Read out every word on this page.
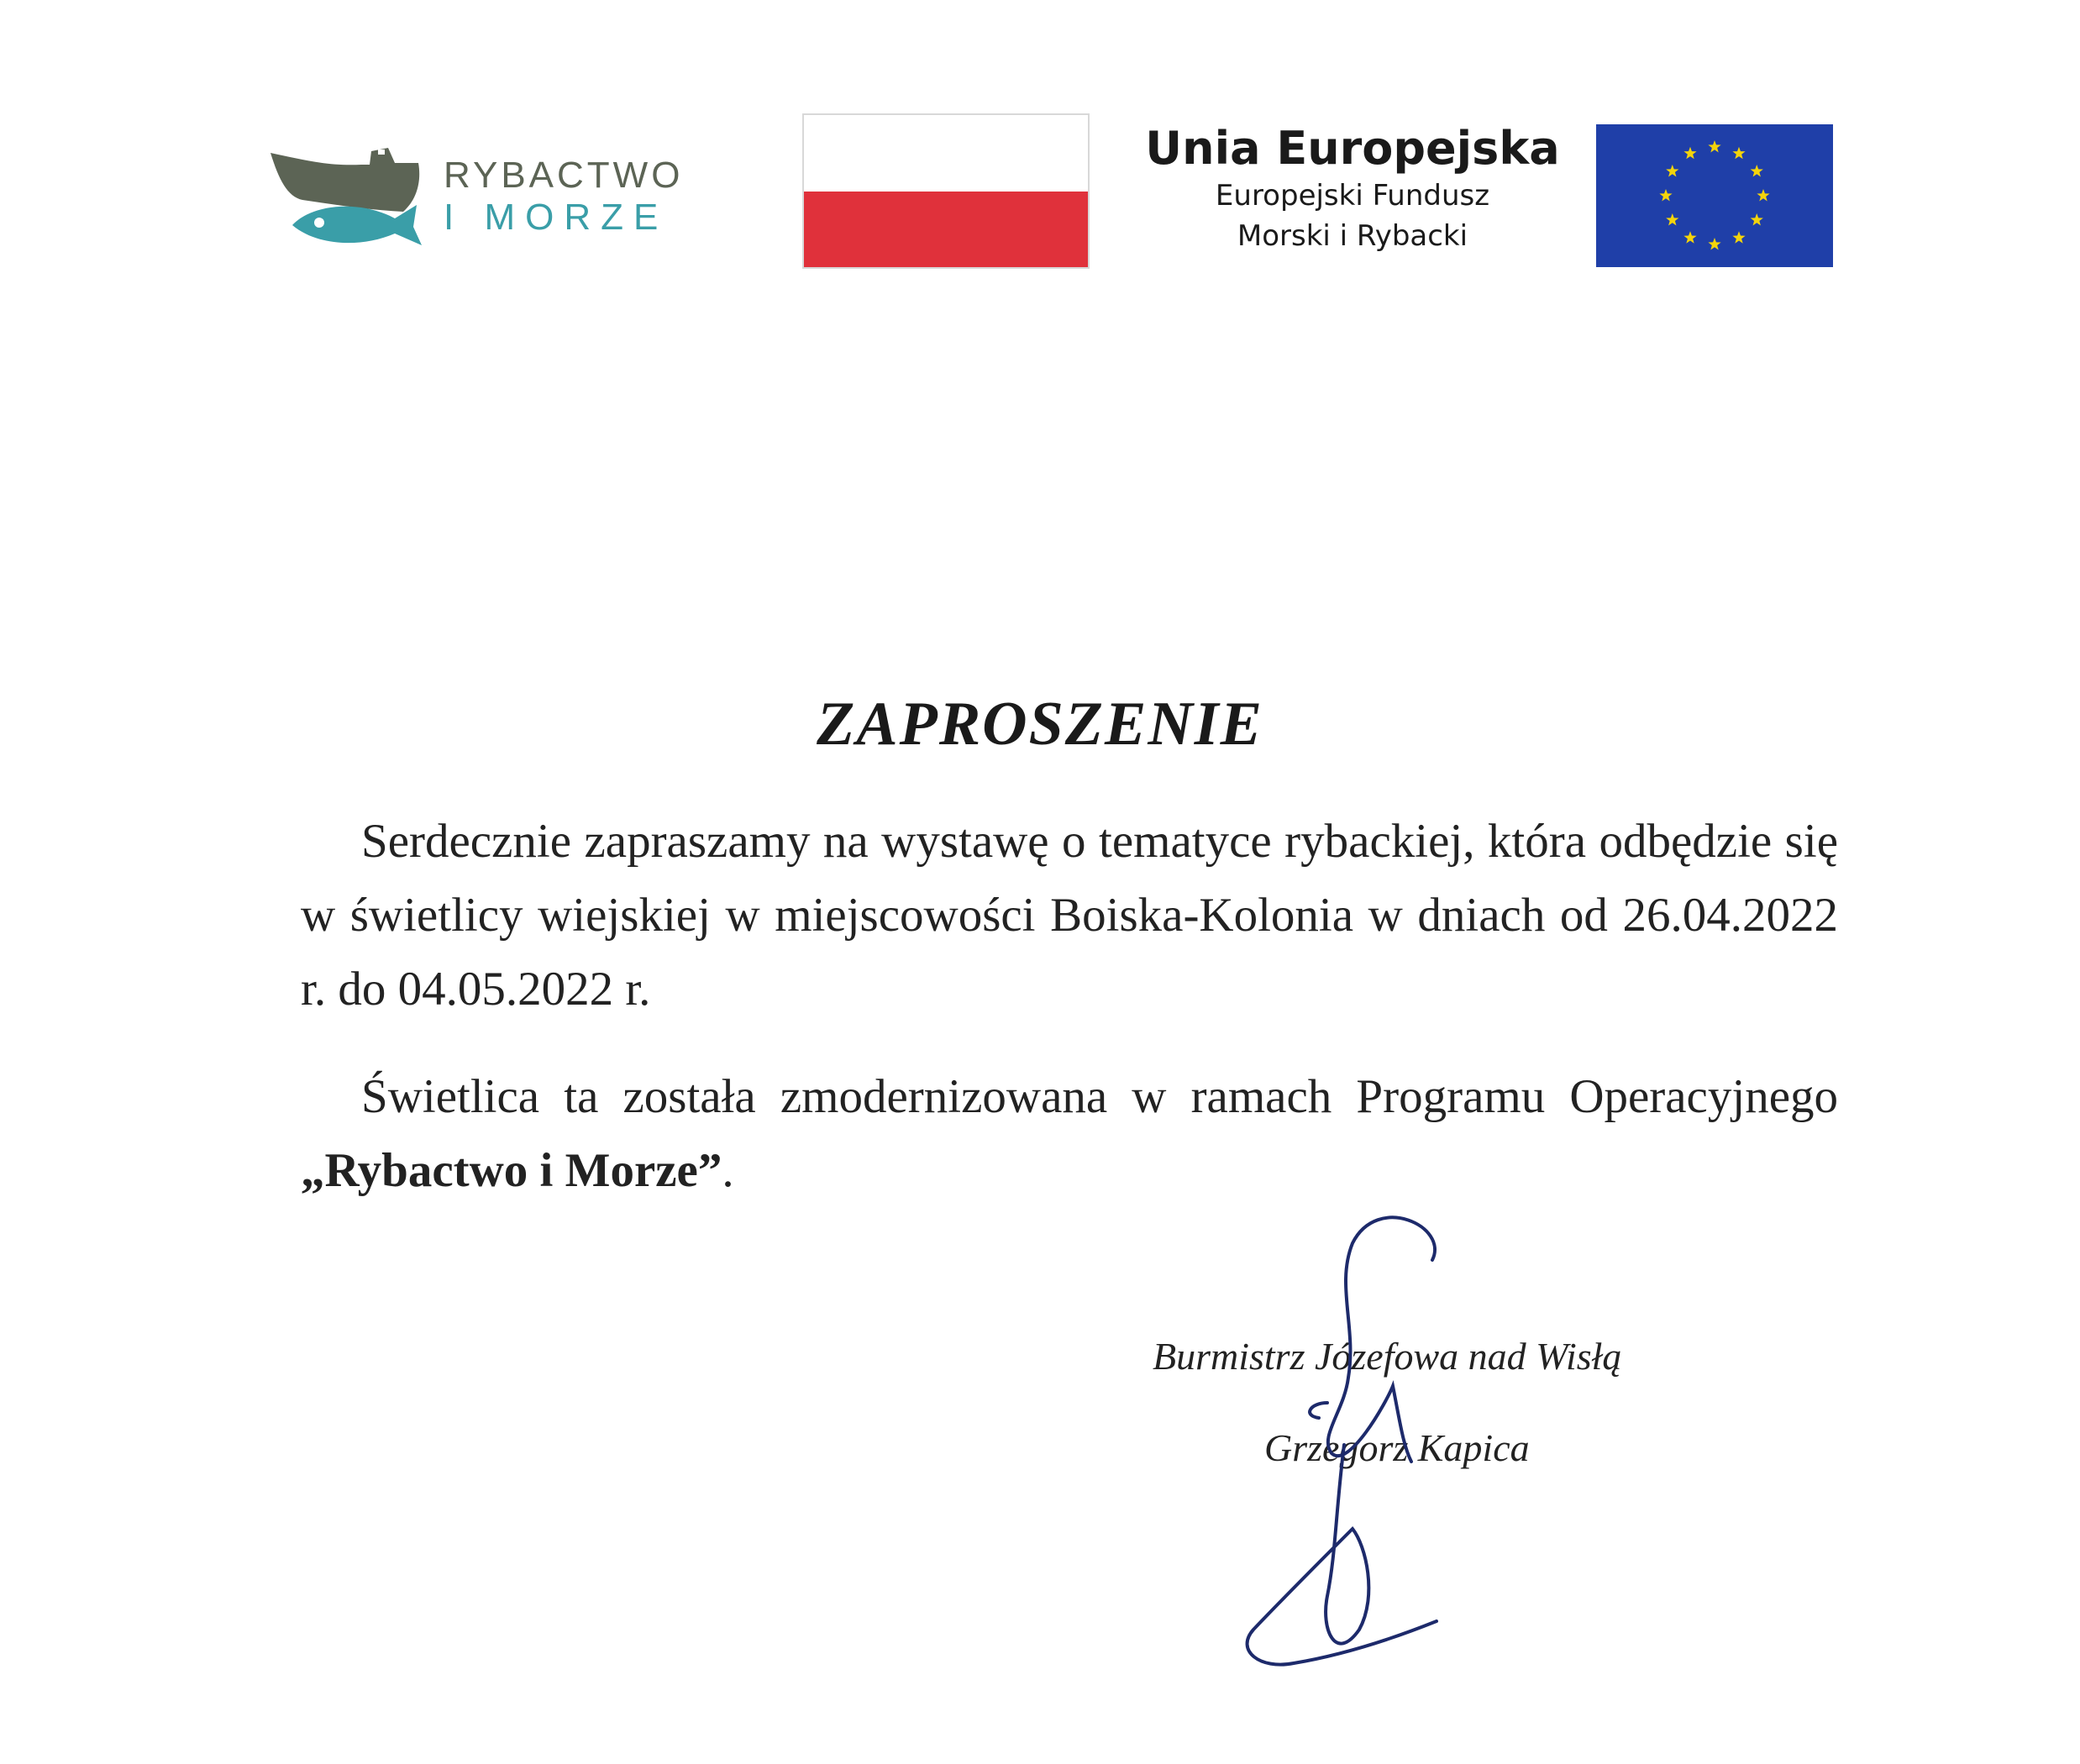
RYBACTWO
I MORZE
Unia Europejska
Europejski Fundusz
Morski i Rybacki
ZAPROSZENIE
Serdecznie zapraszamy na wystawę o tematyce rybackiej, która odbędzie się w świetlicy wiejskiej w miejscowości Boiska-Kolonia w dniach od 26.04.2022 r. do 04.05.2022 r.
Świetlica ta została zmodernizowana w ramach Programu Operacyjnego „Rybactwo i Morze”.
Burmistrz Józefowa nad Wisłą
Grzegorz Kapica
